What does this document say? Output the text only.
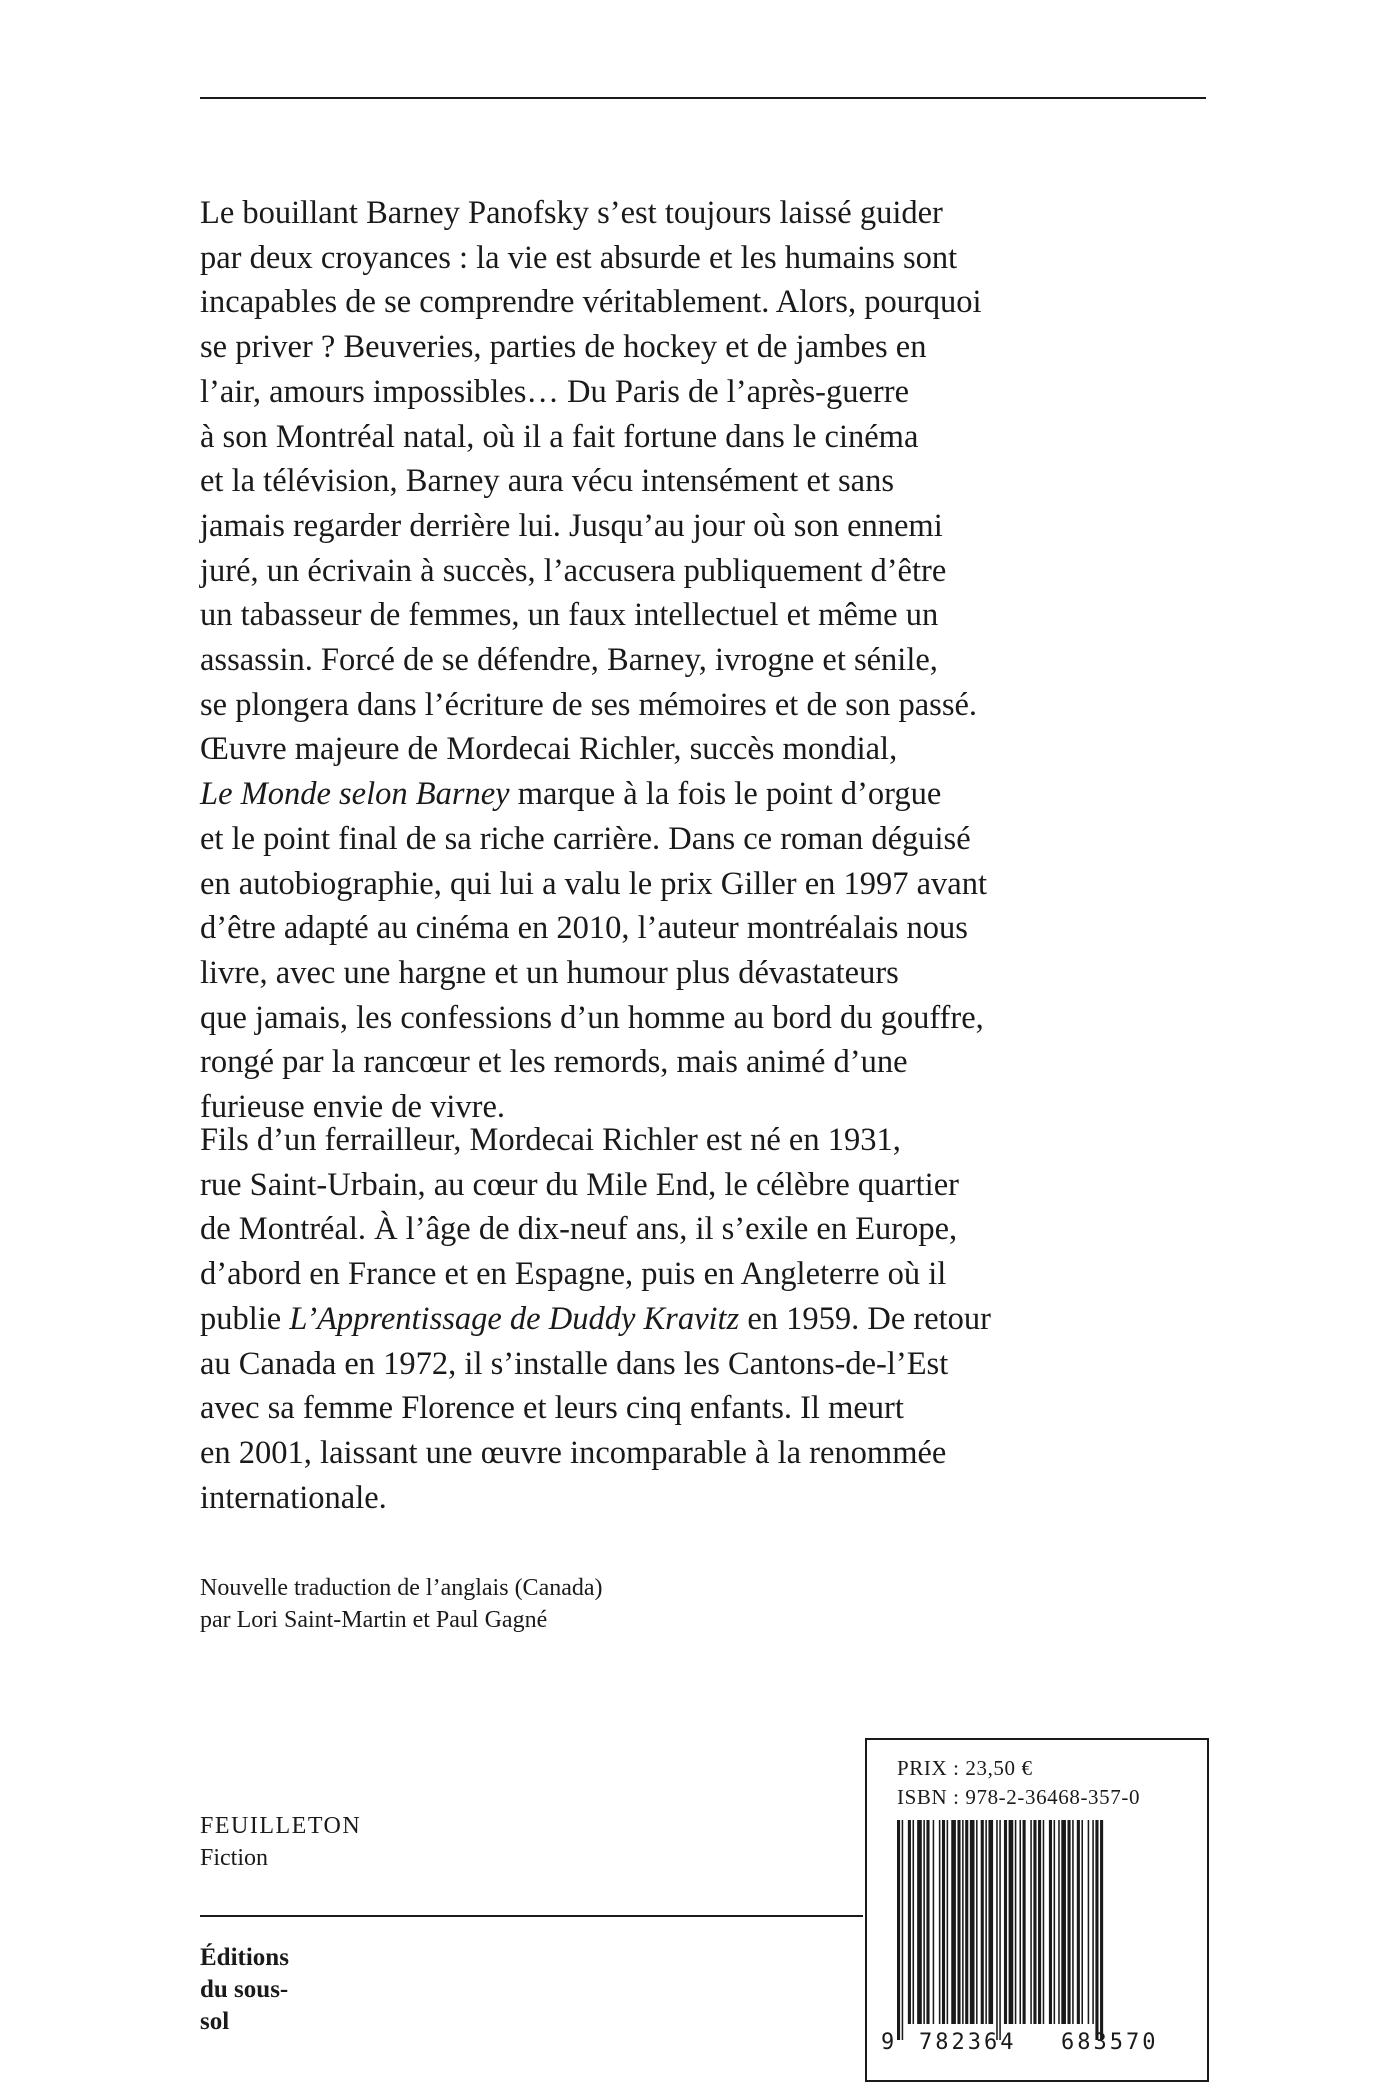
Le bouillant Barney Panofsky s’est toujours laissé guider
par deux croyances : la vie est absurde et les humains sont
incapables de se comprendre véritablement. Alors, pourquoi
se priver ? Beuveries, parties de hockey et de jambes en
l’air, amours impossibles… Du Paris de l’après-guerre
à son Montréal natal, où il a fait fortune dans le cinéma
et la télévision, Barney aura vécu intensément et sans
jamais regarder derrière lui. Jusqu’au jour où son ennemi
juré, un écrivain à succès, l’accusera publiquement d’être
un tabasseur de femmes, un faux intellectuel et même un
assassin. Forcé de se défendre, Barney, ivrogne et sénile,
se plongera dans l’écriture de ses mémoires et de son passé.
Œuvre majeure de Mordecai Richler, succès mondial,
Le Monde selon Barney marque à la fois le point d’orgue
et le point final de sa riche carrière. Dans ce roman déguisé
en autobiographie, qui lui a valu le prix Giller en 1997 avant
d’être adapté au cinéma en 2010, l’auteur montréalais nous
livre, avec une hargne et un humour plus dévastateurs
que jamais, les confessions d’un homme au bord du gouffre,
rongé par la rancœur et les remords, mais animé d’une
furieuse envie de vivre.
Fils d’un ferrailleur, Mordecai Richler est né en 1931,
rue Saint-Urbain, au cœur du Mile End, le célèbre quartier
de Montréal. À l’âge de dix-neuf ans, il s’exile en Europe,
d’abord en France et en Espagne, puis en Angleterre où il
publie L’Apprentissage de Duddy Kravitz en 1959. De retour
au Canada en 1972, il s’installe dans les Cantons-de-l’Est
avec sa femme Florence et leurs cinq enfants. Il meurt
en 2001, laissant une œuvre incomparable à la renommée
internationale.
Nouvelle traduction de l’anglais (Canada)
par Lori Saint-Martin et Paul Gagné
FEUILLETON
Fiction
Éditions
du sous-
sol
PRIX : 23,50 €
ISBN : 978-2-36468-357-0
9 782364 683570
